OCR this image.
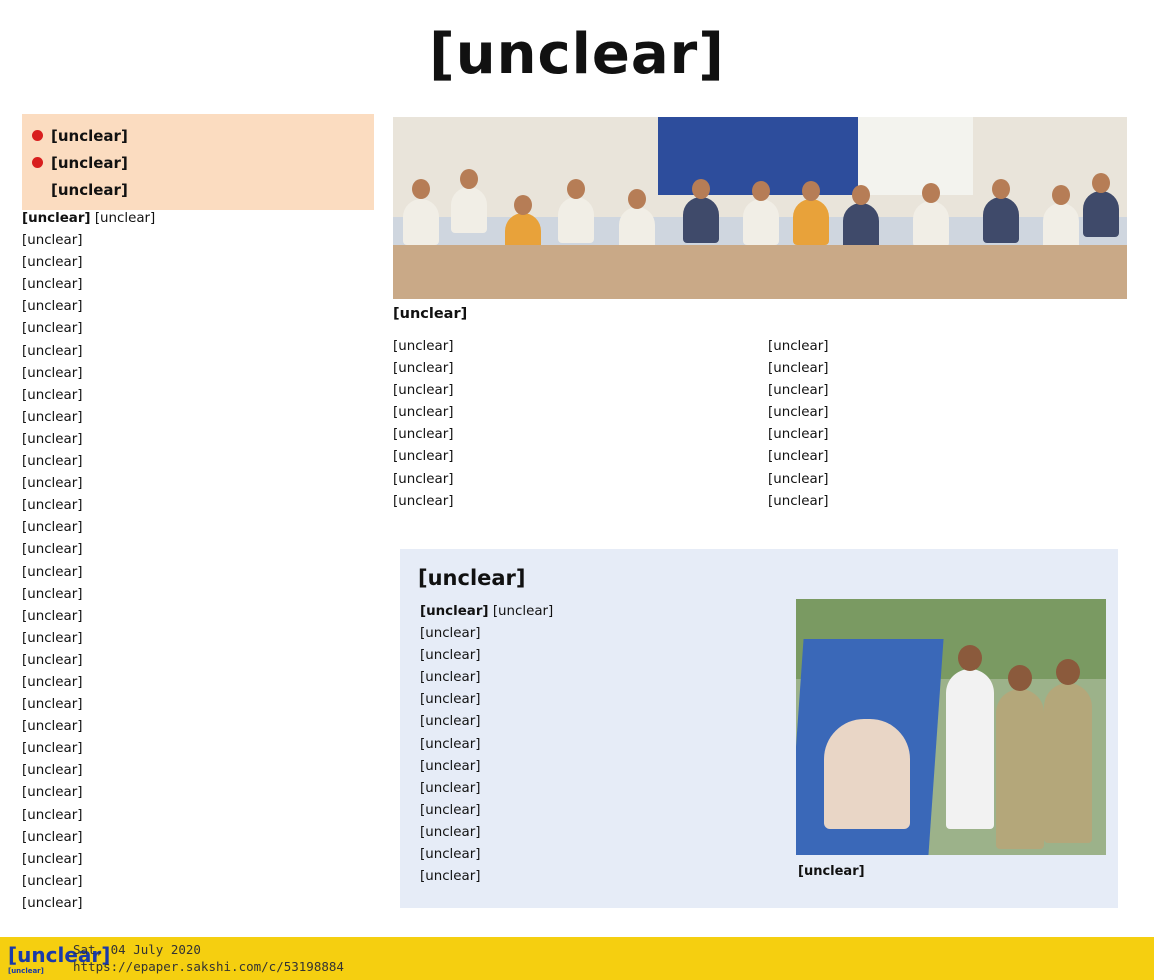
[unclear]
[unclear]
[unclear]
[unclear]
[unclear] [unclear]
[unclear]
[unclear]
[unclear]
[unclear]
[unclear]
[unclear]
[unclear]
[unclear]
[unclear]
[unclear]
[unclear]
[unclear]
[unclear]
[unclear]
[unclear]
[unclear]
[unclear]
[unclear]
[unclear]
[unclear]
[unclear]
[unclear]
[unclear]
[unclear]
[unclear]
[unclear]
[unclear]
[unclear]
[unclear]
[unclear]
[unclear]
[unclear]
[unclear]
[unclear]
[unclear]
[unclear]
[unclear]
[unclear]
[unclear]
[unclear]
[unclear]
[unclear]
[unclear]
[unclear]
[unclear]
[unclear]
[unclear]
[unclear]
[unclear]
[unclear] [unclear]
[unclear]
[unclear]
[unclear]
[unclear]
[unclear]
[unclear]
[unclear]
[unclear]
[unclear]
[unclear]
[unclear]
[unclear]	[unclear]
[unclear]
[unclear]
Sat, 04 July 2020
https://epaper.sakshi.com/c/53198884
